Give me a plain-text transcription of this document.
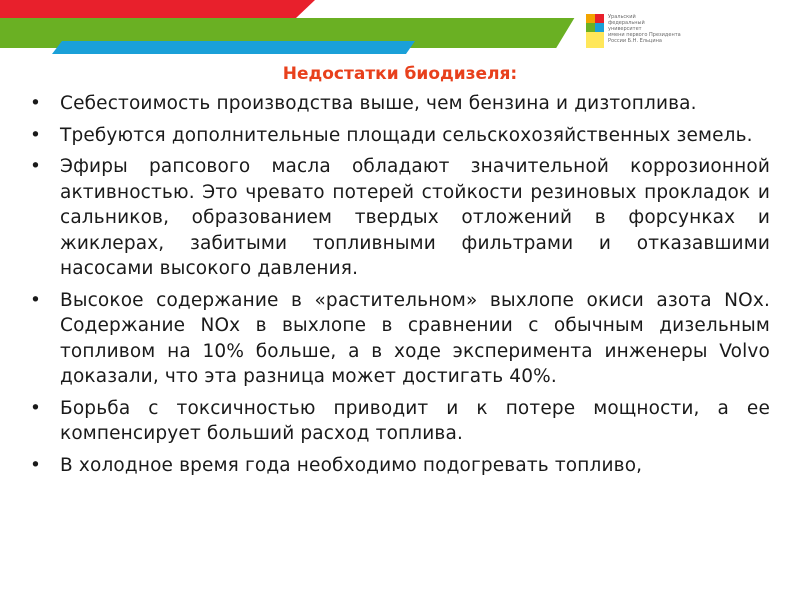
Уральский
федеральный
университет
имени первого Президента
России Б.Н. Ельцина
Недостатки биодизеля:
• Себестоимость производства выше, чем бензина и дизтоплива.
• Требуются дополнительные площади сельскохозяйственных земель.
• Эфиры рапсового масла обладают значительной коррозионной активностью. Это чревато потерей стойкости резиновых прокладок и сальников, образованием твердых отложений в форсунках и жиклерах, забитыми топливными фильтрами и отказавшими насосами высокого давления.
• Высокое содержание в «растительном» выхлопе окиси азота NOx. Содержание NOx в выхлопе в сравнении с обычным дизельным топливом на 10% больше, а в ходе эксперимента инженеры Volvo доказали, что эта разница может достигать 40%.
• Борьба с токсичностью приводит и к потере мощности, а ее компенсирует больший расход топлива.
• В холодное время года необходимо подогревать топливо,
